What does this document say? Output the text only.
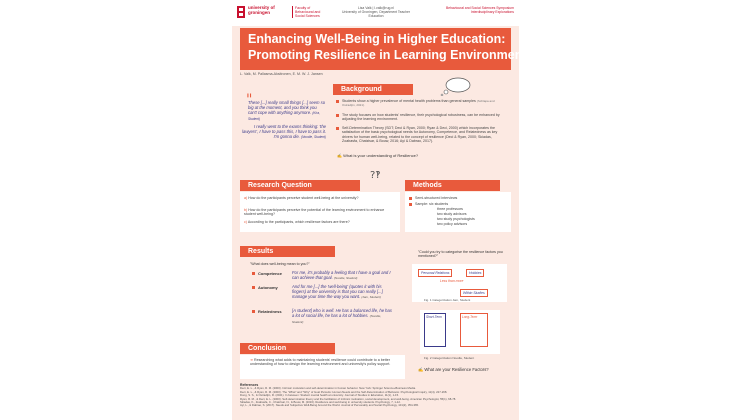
university of groningen
Faculty of Behavioural and Social Sciences
Lisa Valk | l.valk@rug.nl
University of Groningen, Department Teacher Education
Behavioural and Social Sciences Symposium Interdisciplinary Explorations
Enhancing Well-Being in Higher Education:
Promoting Resilience in Learning Environments
L. Valk, M. Pallasma-Aksitronen, E. M. W. J. Jansen
Background
"
These [...] really small things [...] seem so big at the moment, and you think you can't cope with anything anymore. (Kira, Student)
I really went to the exams thinking: 'the lawyers', I have to pass this, I have to pass it. I'm gonna die. (Noodle, Student)
Students show a higher prevalence of mental health problems than general samples (Schlapa and Ostradijin, 2021).
The study focuses on how students' resilience, their psychological robustness, can be enhanced by adjusting the learning environment.
Self-Determination Theory (SDT; Deci & Ryan, 2000; Ryan & Deci, 2000) which incorporates the satisfaction of the basic psychological needs for Autonomy, Competence, and Relatedness as key drivers for human well-being, related to the concept of resilience (Deci & Ryan, 2000; Skiadas, Zoabasfa, Chatzisar, & Bouw, 2016; Ayi & Dabrao, 2017).
✍ What is your understanding of Resilience?
Research Question
?‽
a) How do the participants perceive student well-being at the university?
b) How do the participants perceive the potential of the learning environment to enhance student well-being?
c) According to the participants, which resilience factors are there?
Methods
Semi-structured interviews
Sample: six students
three professors
two study advisors
two study psychologists
two policy advisors
Results
"What does well-being mean to you?"
Competence For me, it's probably a feeling that I have a goal and I can achieve that goal. (Noodle, Student)
Autonomy	And for me [...] the 'well-being' (quotes it with his fingers) at the university is that you can really [...] manage your time the way you want. (Jam, Student)
Relatedness [A student] who is well. He has a balanced life, he has a lot of social life, he has a lot of hobbies. (Noodle, Student)
"Could you try to categorise the resilience factors you mentioned?"
Personal Relations	Hobbies
Less than more
Within Studies
Fig. 1 Categorization Jam, Student
Short-Term	Long-Term
Fig. 2 Categorization Noodle, Student
✍ What are your Resilience Factors?
Conclusion
➔ Researching what adds to maintaining students' resilience could contribute to a better understanding of how to design the learning environment and university's policy support.
References
Deci, E. L., & Ryan, R. M. (2000). Intrinsic motivation and self-determination in human behavior. New York: Springer Science+Business Media.
Deci, E. L., & Ryan, R. M. (2000). The "What" and "Why" of Goal Pursuits: Human Needs and the Self-Determination of Behavior. Psychological Inquiry, 11(4), 227-268.
Dong, S. S., & Ostradijin, R. (2021). In between: Student mental health at university. Journal of Studies in Education, 11(1), 1-15.
Ryan, R. M., & Deci, E. L. (2000). Self-determination theory and the facilitation of intrinsic motivation, social development, and well-being. American Psychologist, 55(1), 68-78.
Skiadas, K., Zoabasfa, C., Chatzisar, N., & Bouw, M. (2016). Resilience and well-being in university students. Psychology, 7, 1-12.
Ayi, L., & Dabrao, S. (2017). Needs and Subjective Well-Being Around the World. Journal of Personality and Social Psychology, 101(2), 354-365.
